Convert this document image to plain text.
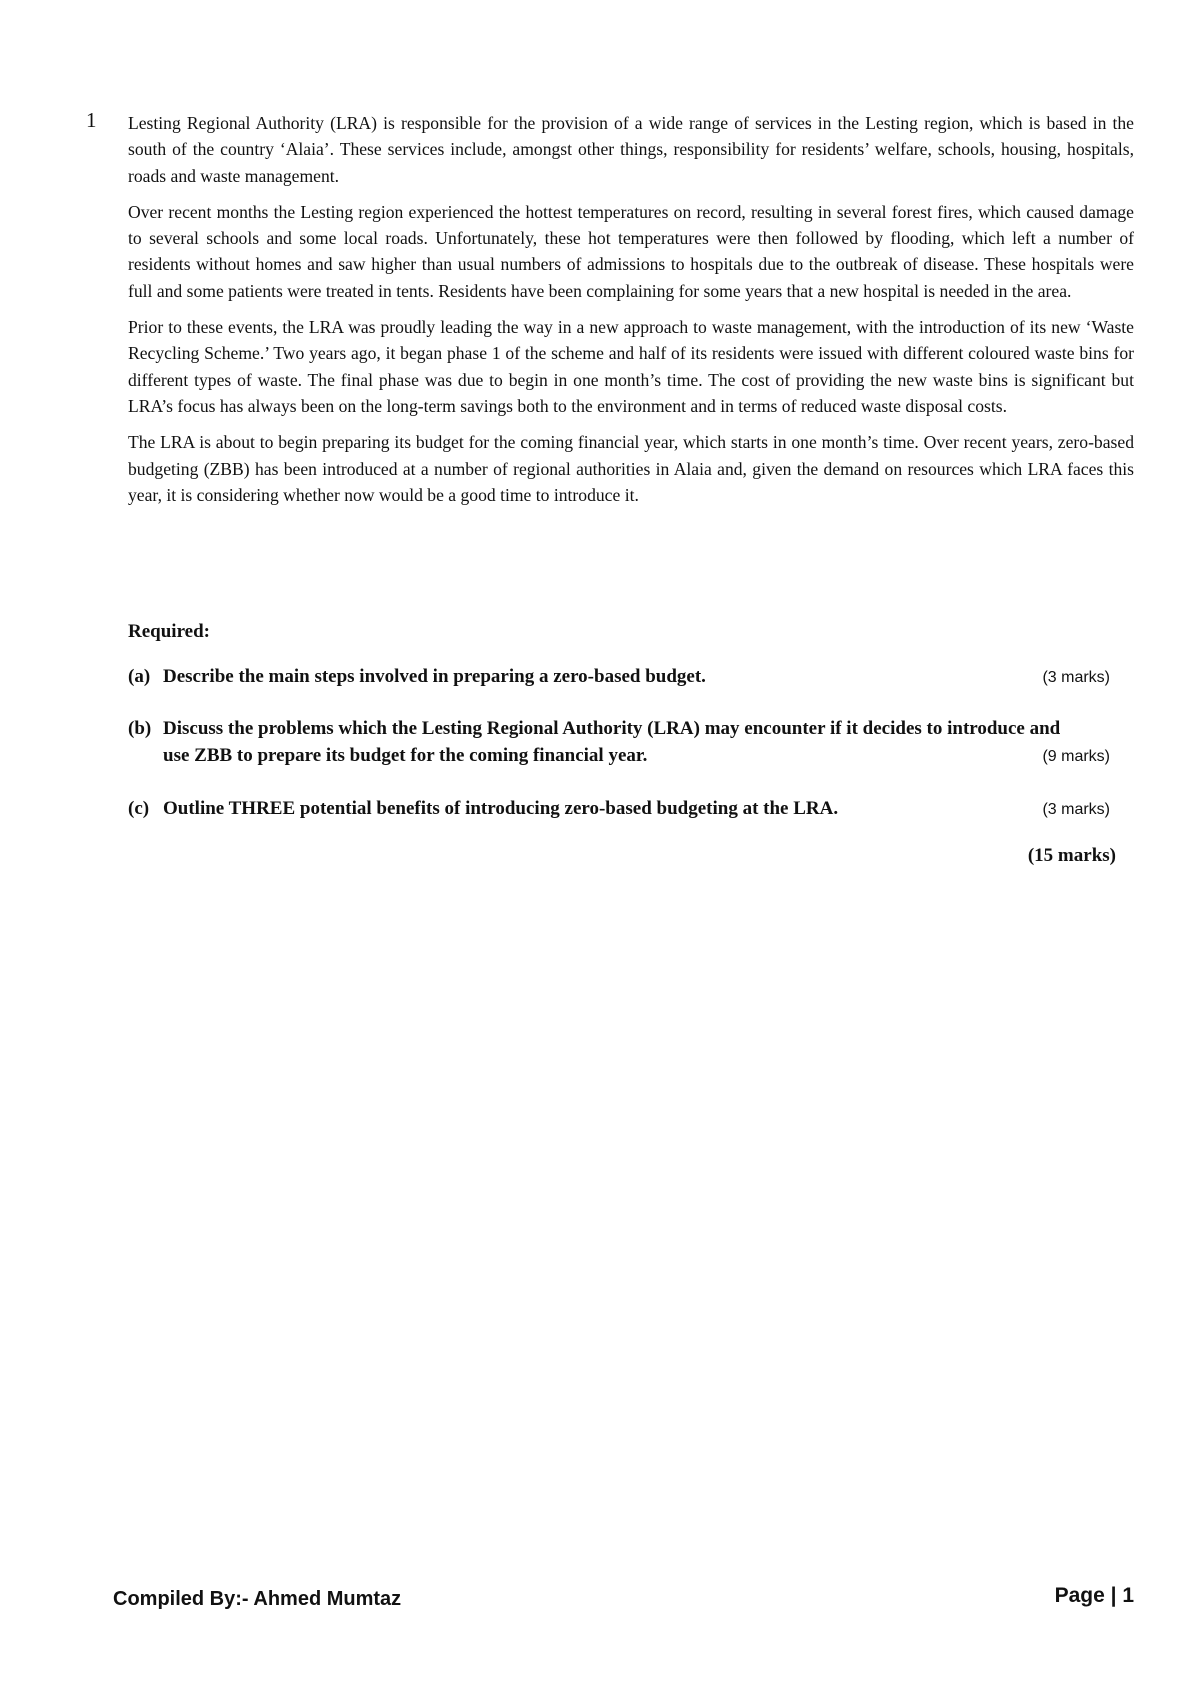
1 Lesting Regional Authority (LRA) is responsible for the provision of a wide range of services in the Lesting region, which is based in the south of the country ‘Alaia’. These services include, amongst other things, responsibility for residents’ welfare, schools, housing, hospitals, roads and waste management.

Over recent months the Lesting region experienced the hottest temperatures on record, resulting in several forest fires, which caused damage to several schools and some local roads. Unfortunately, these hot temperatures were then followed by flooding, which left a number of residents without homes and saw higher than usual numbers of admissions to hospitals due to the outbreak of disease. These hospitals were full and some patients were treated in tents. Residents have been complaining for some years that a new hospital is needed in the area.

Prior to these events, the LRA was proudly leading the way in a new approach to waste management, with the introduction of its new ‘Waste Recycling Scheme.’ Two years ago, it began phase 1 of the scheme and half of its residents were issued with different coloured waste bins for different types of waste. The final phase was due to begin in one month’s time. The cost of providing the new waste bins is significant but LRA’s focus has always been on the long-term savings both to the environment and in terms of reduced waste disposal costs.

The LRA is about to begin preparing its budget for the coming financial year, which starts in one month’s time. Over recent years, zero-based budgeting (ZBB) has been introduced at a number of regional authorities in Alaia and, given the demand on resources which LRA faces this year, it is considering whether now would be a good time to introduce it.

Required:
(a) Describe the main steps involved in preparing a zero-based budget.	(3 marks)
(b) Discuss the problems which the Lesting Regional Authority (LRA) may encounter if it decides to introduce and use ZBB to prepare its budget for the coming financial year.	(9 marks)
(c) Outline THREE potential benefits of introducing zero-based budgeting at the LRA.	(3 marks)
(15 marks)
Compiled By:- Ahmed Mumtaz	Page | 1
